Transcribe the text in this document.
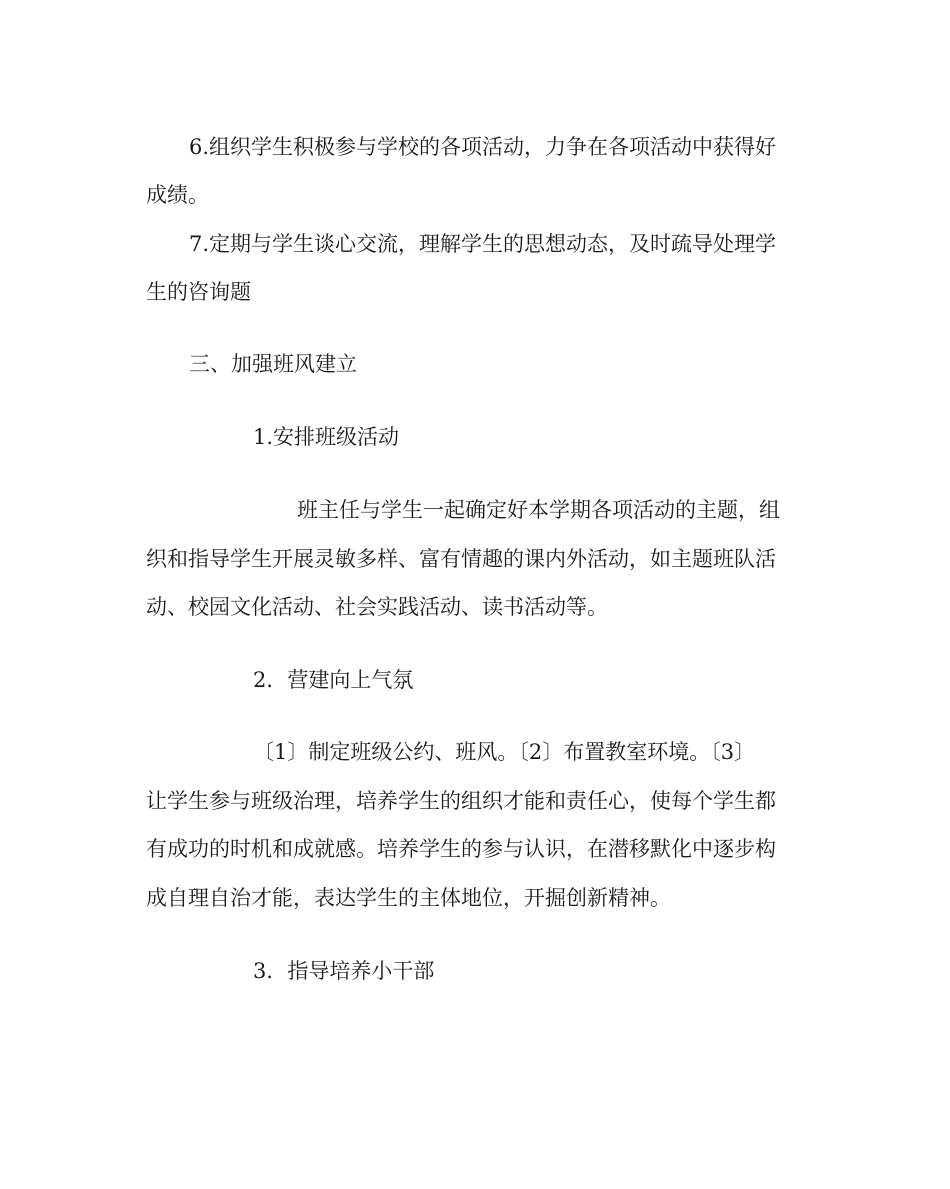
6.组织学生积极参与学校的各项活动，力争在各项活动中获得好

成绩。

7.定期与学生谈心交流，理解学生的思想动态，及时疏导处理学

生的咨询题

三、加强班风建立

1.安排班级活动

班主任与学生一起确定好本学期各项活动的主题，组

织和指导学生开展灵敏多样、富有情趣的课内外活动，如主题班队活

动、校园文化活动、社会实践活动、读书活动等。

2．营建向上气氛

〔1〕制定班级公约、班风。〔2〕布置教室环境。〔3〕

让学生参与班级治理，培养学生的组织才能和责任心，使每个学生都

有成功的时机和成就感。培养学生的参与认识，在潜移默化中逐步构

成自理自治才能，表达学生的主体地位，开掘创新精神。

3．指导培养小干部
